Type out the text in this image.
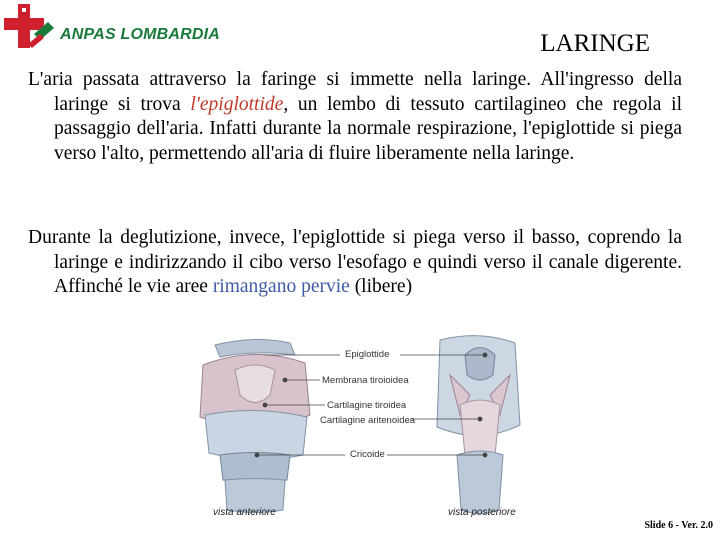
ANPAS LOMBARDIA	LARINGE
L'aria passata attraverso la faringe si immette nella laringe. All'ingresso della laringe si trova l'epiglottide, un lembo di tessuto cartilagineo che regola il passaggio dell'aria. Infatti durante la normale respirazione, l'epiglottide si piega verso l'alto, permettendo all'aria di fluire liberamente nella laringe.
Durante la deglutizione, invece, l'epiglottide si piega verso il basso, coprendo la laringe e indirizzando il cibo verso l'esofago e quindi verso il canale digerente. Affinché le vie aree rimangano pervie (libere)
Epiglottide
Membrana tiroioidea
Cartilagine tiroidea
Cartilagine aritenoidea
Cricoide
vista anteriore	vista posteriore
Slide 6 - Ver. 2.0
